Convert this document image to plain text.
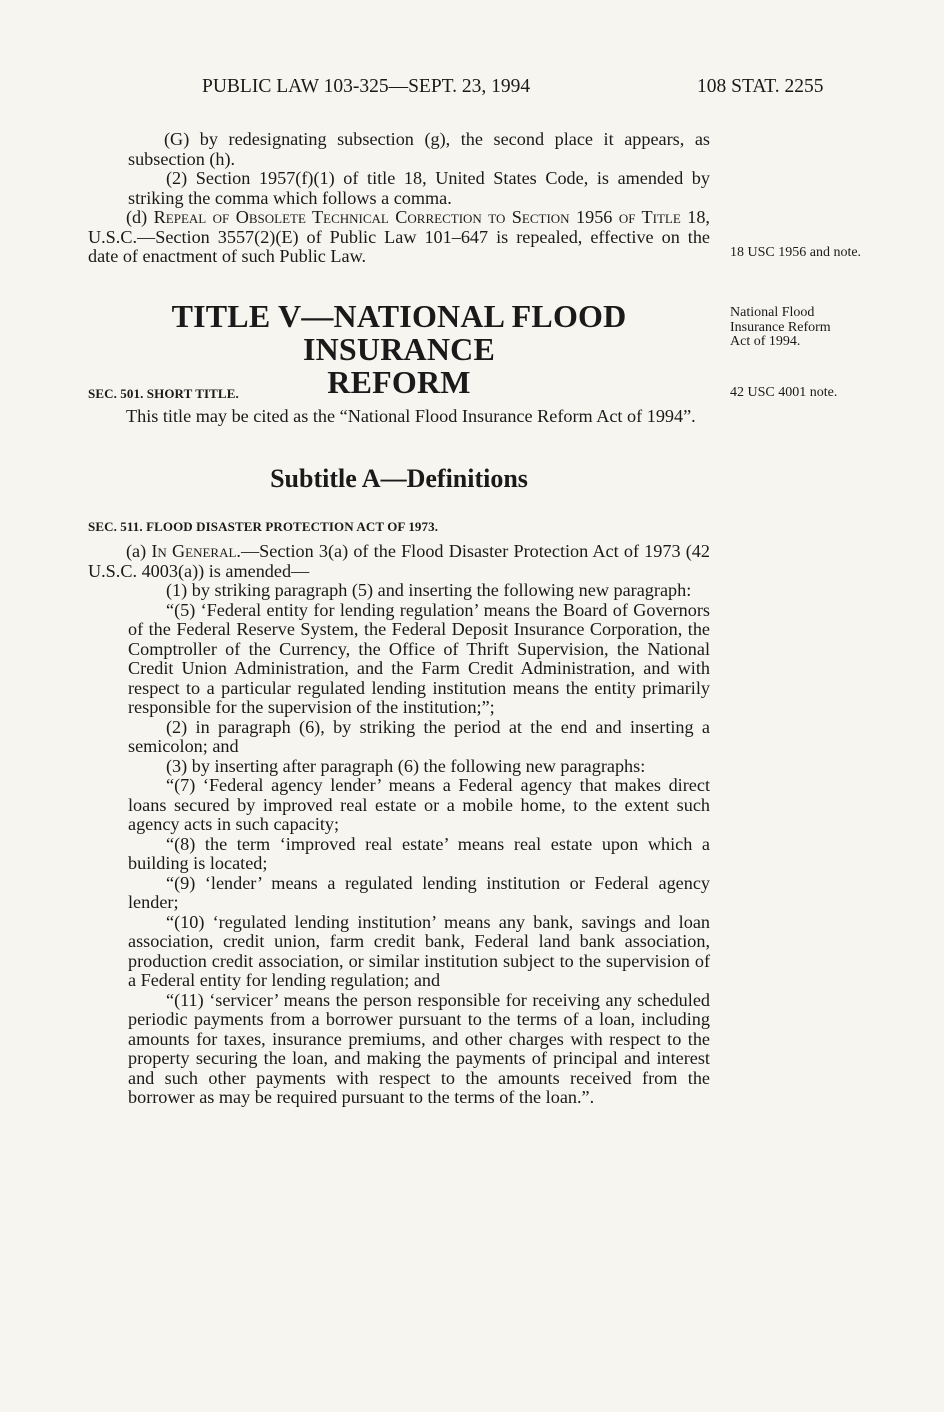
PUBLIC LAW 103-325—SEPT. 23, 1994	108 STAT. 2255

(G) by redesignating subsection (g), the second place it appears, as subsection (h).

(2) Section 1957(f)(1) of title 18, United States Code, is amended by striking the comma which follows a comma.

(d) Repeal of Obsolete Technical Correction to Section 1956 of Title 18, U.S.C.—Section 3557(2)(E) of Public Law 101–647 is repealed, effective on the date of enactment of such Public Law.	18 USC 1956 and note.
TITLE V—NATIONAL FLOOD INSURANCE
REFORM
National Flood Insurance Reform Act of 1994.
SEC. 501. SHORT TITLE.

This title may be cited as the “National Flood Insurance Reform Act of 1994”.

42 USC 4001 note.
Subtitle A—Definitions
SEC. 511. FLOOD DISASTER PROTECTION ACT OF 1973.

(a) In General.—Section 3(a) of the Flood Disaster Protection Act of 1973 (42 U.S.C. 4003(a)) is amended—

(1) by striking paragraph (5) and inserting the following new paragraph:

“(5) ‘Federal entity for lending regulation’ means the Board of Governors of the Federal Reserve System, the Federal Deposit Insurance Corporation, the Comptroller of the Currency, the Office of Thrift Supervision, the National Credit Union Administration, and the Farm Credit Administration, and with respect to a particular regulated lending institution means the entity primarily responsible for the supervision of the institution;”;

(2) in paragraph (6), by striking the period at the end and inserting a semicolon; and

(3) by inserting after paragraph (6) the following new paragraphs:

“(7) ‘Federal agency lender’ means a Federal agency that makes direct loans secured by improved real estate or a mobile home, to the extent such agency acts in such capacity;

“(8) the term ‘improved real estate’ means real estate upon which a building is located;

“(9) ‘lender’ means a regulated lending institution or Federal agency lender;

“(10) ‘regulated lending institution’ means any bank, savings and loan association, credit union, farm credit bank, Federal land bank association, production credit association, or similar institution subject to the supervision of a Federal entity for lending regulation; and

“(11) ‘servicer’ means the person responsible for receiving any scheduled periodic payments from a borrower pursuant to the terms of a loan, including amounts for taxes, insurance premiums, and other charges with respect to the property securing the loan, and making the payments of principal and interest and such other payments with respect to the amounts received from the borrower as may be required pursuant to the terms of the loan.”.
